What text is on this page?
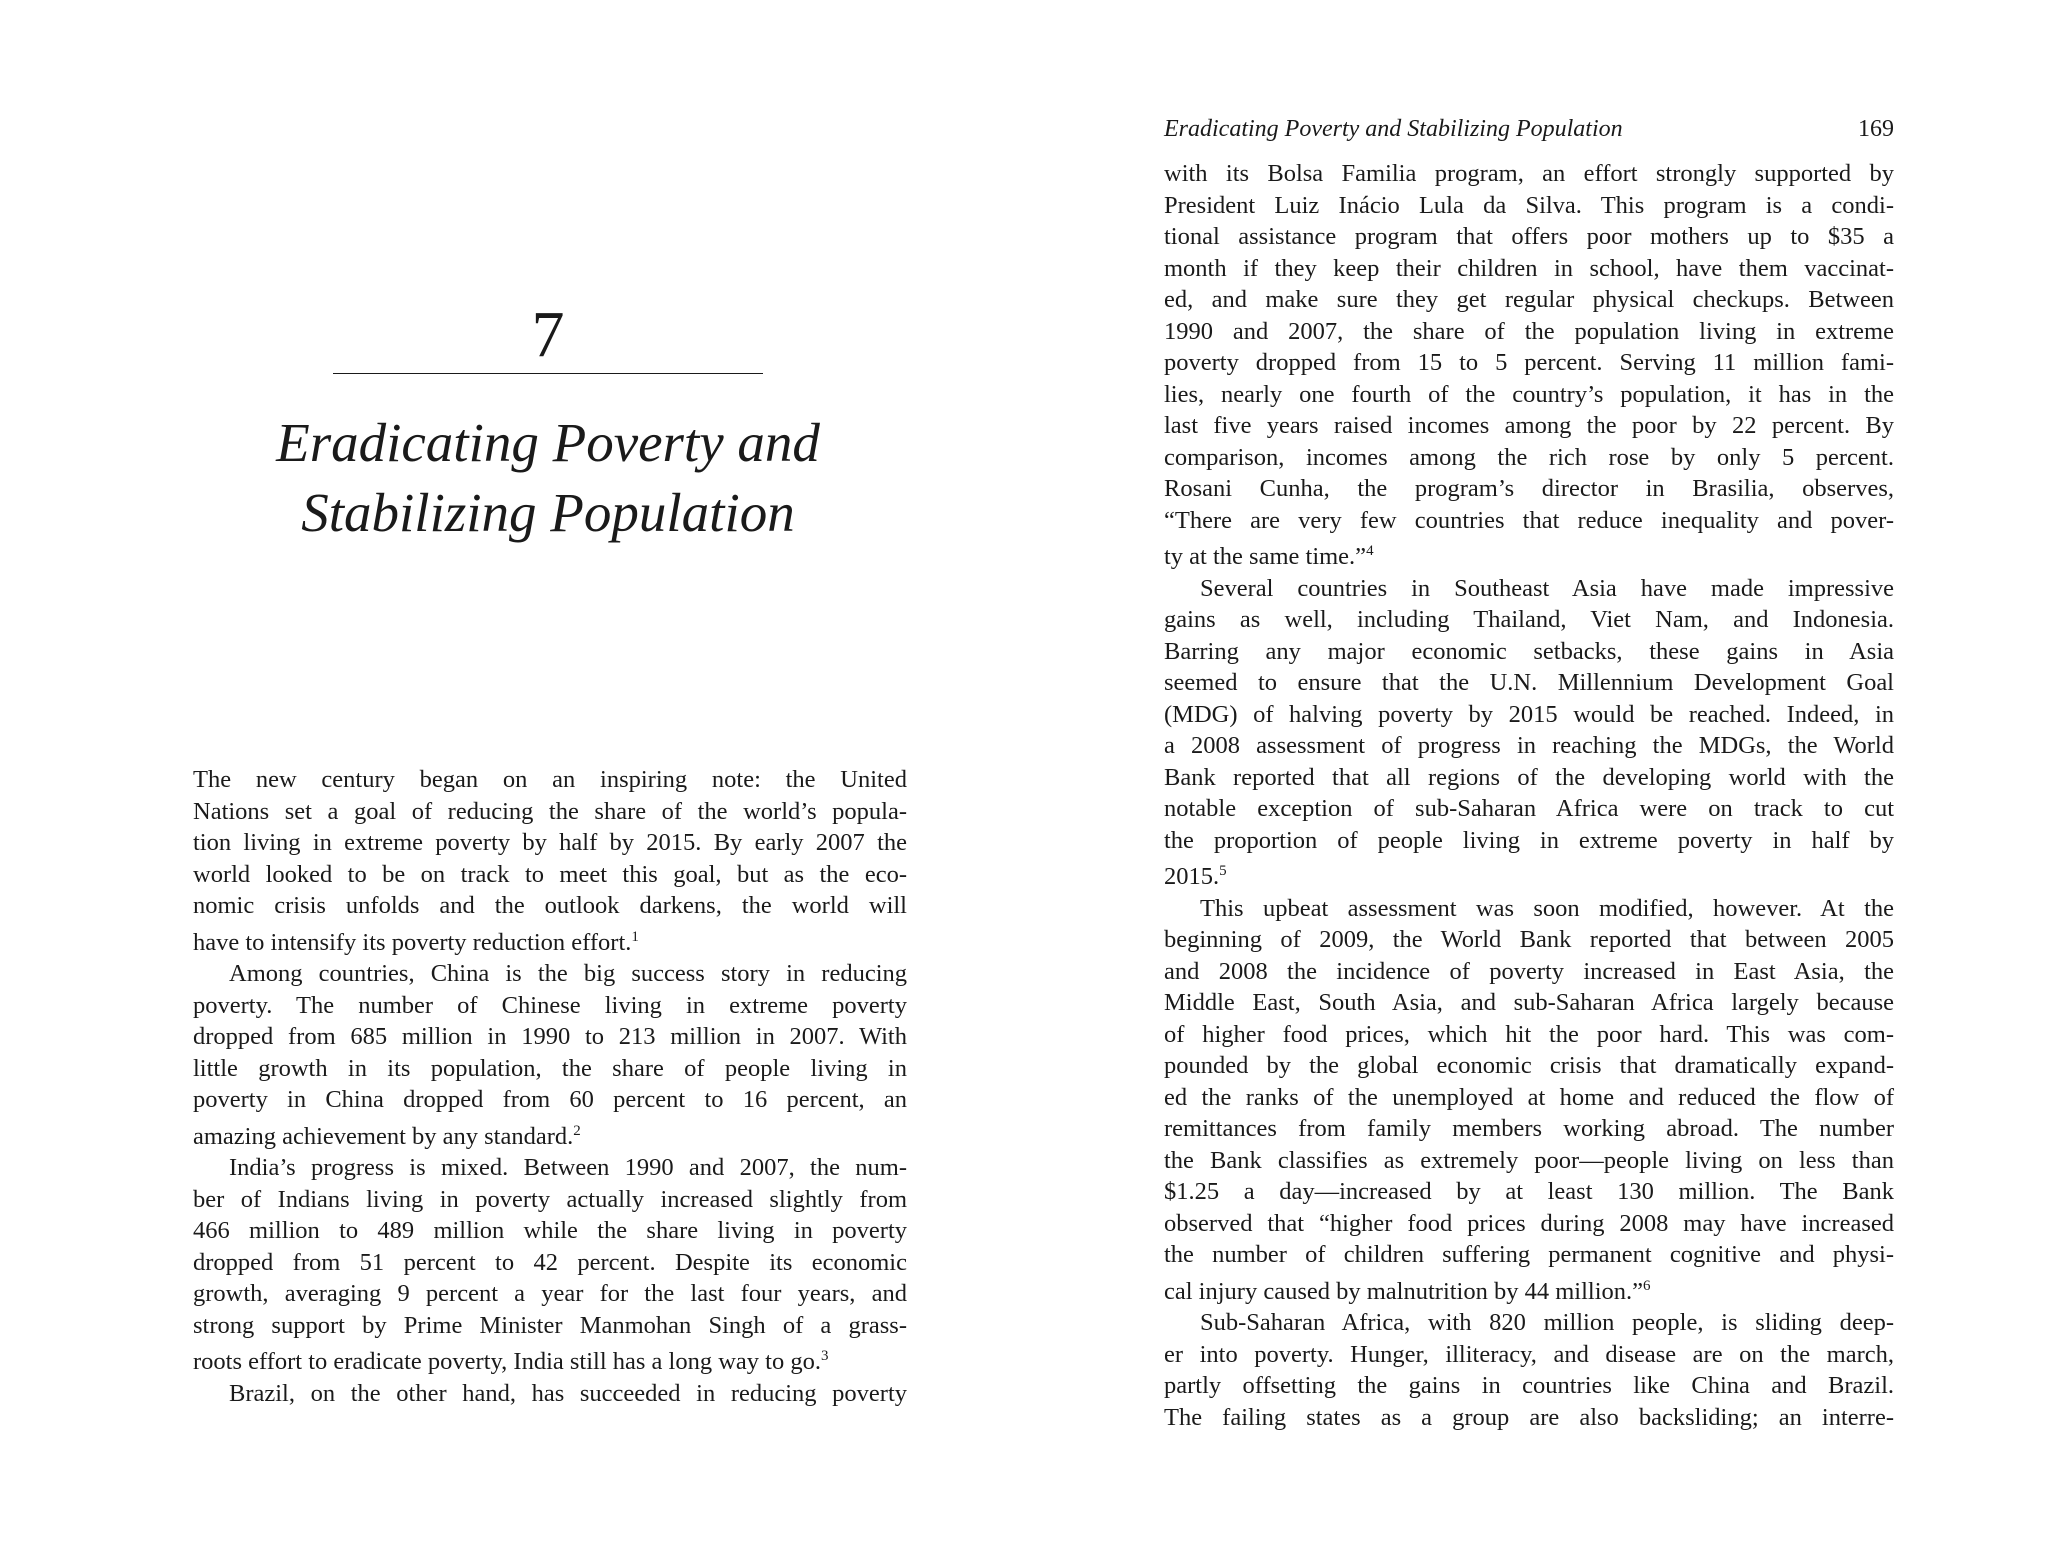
7
Eradicating Poverty and
Stabilizing Population
The new century began on an inspiring note: the United
Nations set a goal of reducing the share of the world’s popula-
tion living in extreme poverty by half by 2015. By early 2007 the
world looked to be on track to meet this goal, but as the eco-
nomic crisis unfolds and the outlook darkens, the world will
have to intensify its poverty reduction effort.$^1$
Among countries, China is the big success story in reducing
poverty. The number of Chinese living in extreme poverty
dropped from 685 million in 1990 to 213 million in 2007. With
little growth in its population, the share of people living in
poverty in China dropped from 60 percent to 16 percent, an
amazing achievement by any standard.$^2$
India’s progress is mixed. Between 1990 and 2007, the num-
ber of Indians living in poverty actually increased slightly from
466 million to 489 million while the share living in poverty
dropped from 51 percent to 42 percent. Despite its economic
growth, averaging 9 percent a year for the last four years, and
strong support by Prime Minister Manmohan Singh of a grass-
roots effort to eradicate poverty, India still has a long way to go.$^3$
Brazil, on the other hand, has succeeded in reducing poverty
Eradicating Poverty and Stabilizing Population	169
with its Bolsa Familia program, an effort strongly supported by
President Luiz Inácio Lula da Silva. This program is a condi-
tional assistance program that offers poor mothers up to $35 a
month if they keep their children in school, have them vaccinat-
ed, and make sure they get regular physical checkups. Between
1990 and 2007, the share of the population living in extreme
poverty dropped from 15 to 5 percent. Serving 11 million fami-
lies, nearly one fourth of the country’s population, it has in the
last five years raised incomes among the poor by 22 percent. By
comparison, incomes among the rich rose by only 5 percent.
Rosani Cunha, the program’s director in Brasilia, observes,
“There are very few countries that reduce inequality and pover-
ty at the same time.”$^4$
Several countries in Southeast Asia have made impressive
gains as well, including Thailand, Viet Nam, and Indonesia.
Barring any major economic setbacks, these gains in Asia
seemed to ensure that the U.N. Millennium Development Goal
(MDG) of halving poverty by 2015 would be reached. Indeed, in
a 2008 assessment of progress in reaching the MDGs, the World
Bank reported that all regions of the developing world with the
notable exception of sub-Saharan Africa were on track to cut
the proportion of people living in extreme poverty in half by
2015.$^5$
This upbeat assessment was soon modified, however. At the
beginning of 2009, the World Bank reported that between 2005
and 2008 the incidence of poverty increased in East Asia, the
Middle East, South Asia, and sub-Saharan Africa largely because
of higher food prices, which hit the poor hard. This was com-
pounded by the global economic crisis that dramatically expand-
ed the ranks of the unemployed at home and reduced the flow of
remittances from family members working abroad. The number
the Bank classifies as extremely poor—people living on less than
$1.25 a day—increased by at least 130 million. The Bank
observed that “higher food prices during 2008 may have increased
the number of children suffering permanent cognitive and physi-
cal injury caused by malnutrition by 44 million.”$^6$
Sub-Saharan Africa, with 820 million people, is sliding deep-
er into poverty. Hunger, illiteracy, and disease are on the march,
partly offsetting the gains in countries like China and Brazil.
The failing states as a group are also backsliding; an interre-
